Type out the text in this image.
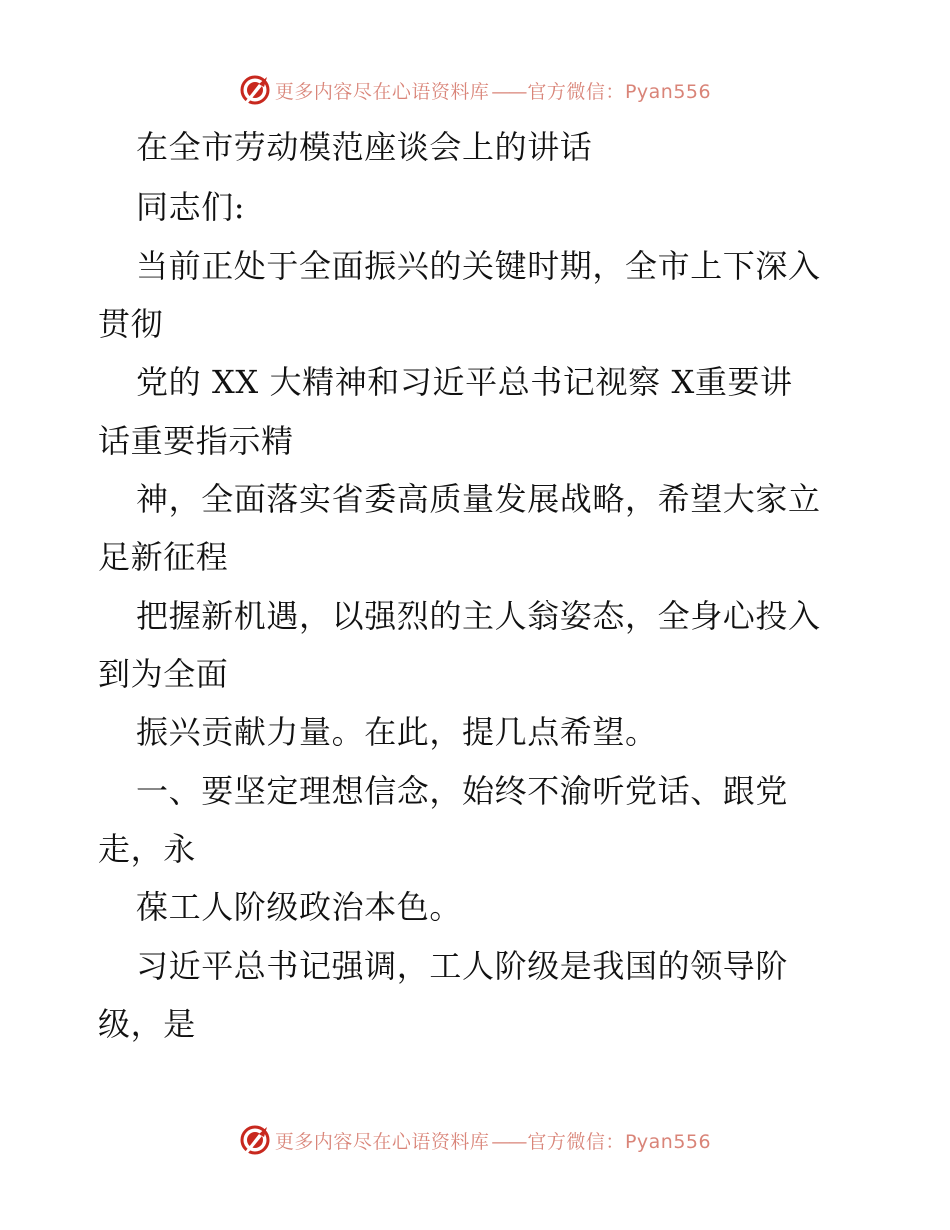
更多内容尽在心语资料库 —— 官方微信：Pyan556
在全市劳动模范座谈会上的讲话
同志们:
当前正处于全面振兴的关键时期，全市上下深入
贯彻
党的 XX 大精神和习近平总书记视察 X重要讲
话重要指示精
神，全面落实省委高质量发展战略，希望大家立
足新征程
把握新机遇，以强烈的主人翁姿态，全身心投入
到为全面
振兴贡献力量。在此，提几点希望。
一、要坚定理想信念，始终不渝听党话、跟党
走，永
葆工人阶级政治本色。
习近平总书记强调，工人阶级是我国的领导阶
级，是
更多内容尽在心语资料库 —— 官方微信：Pyan556
